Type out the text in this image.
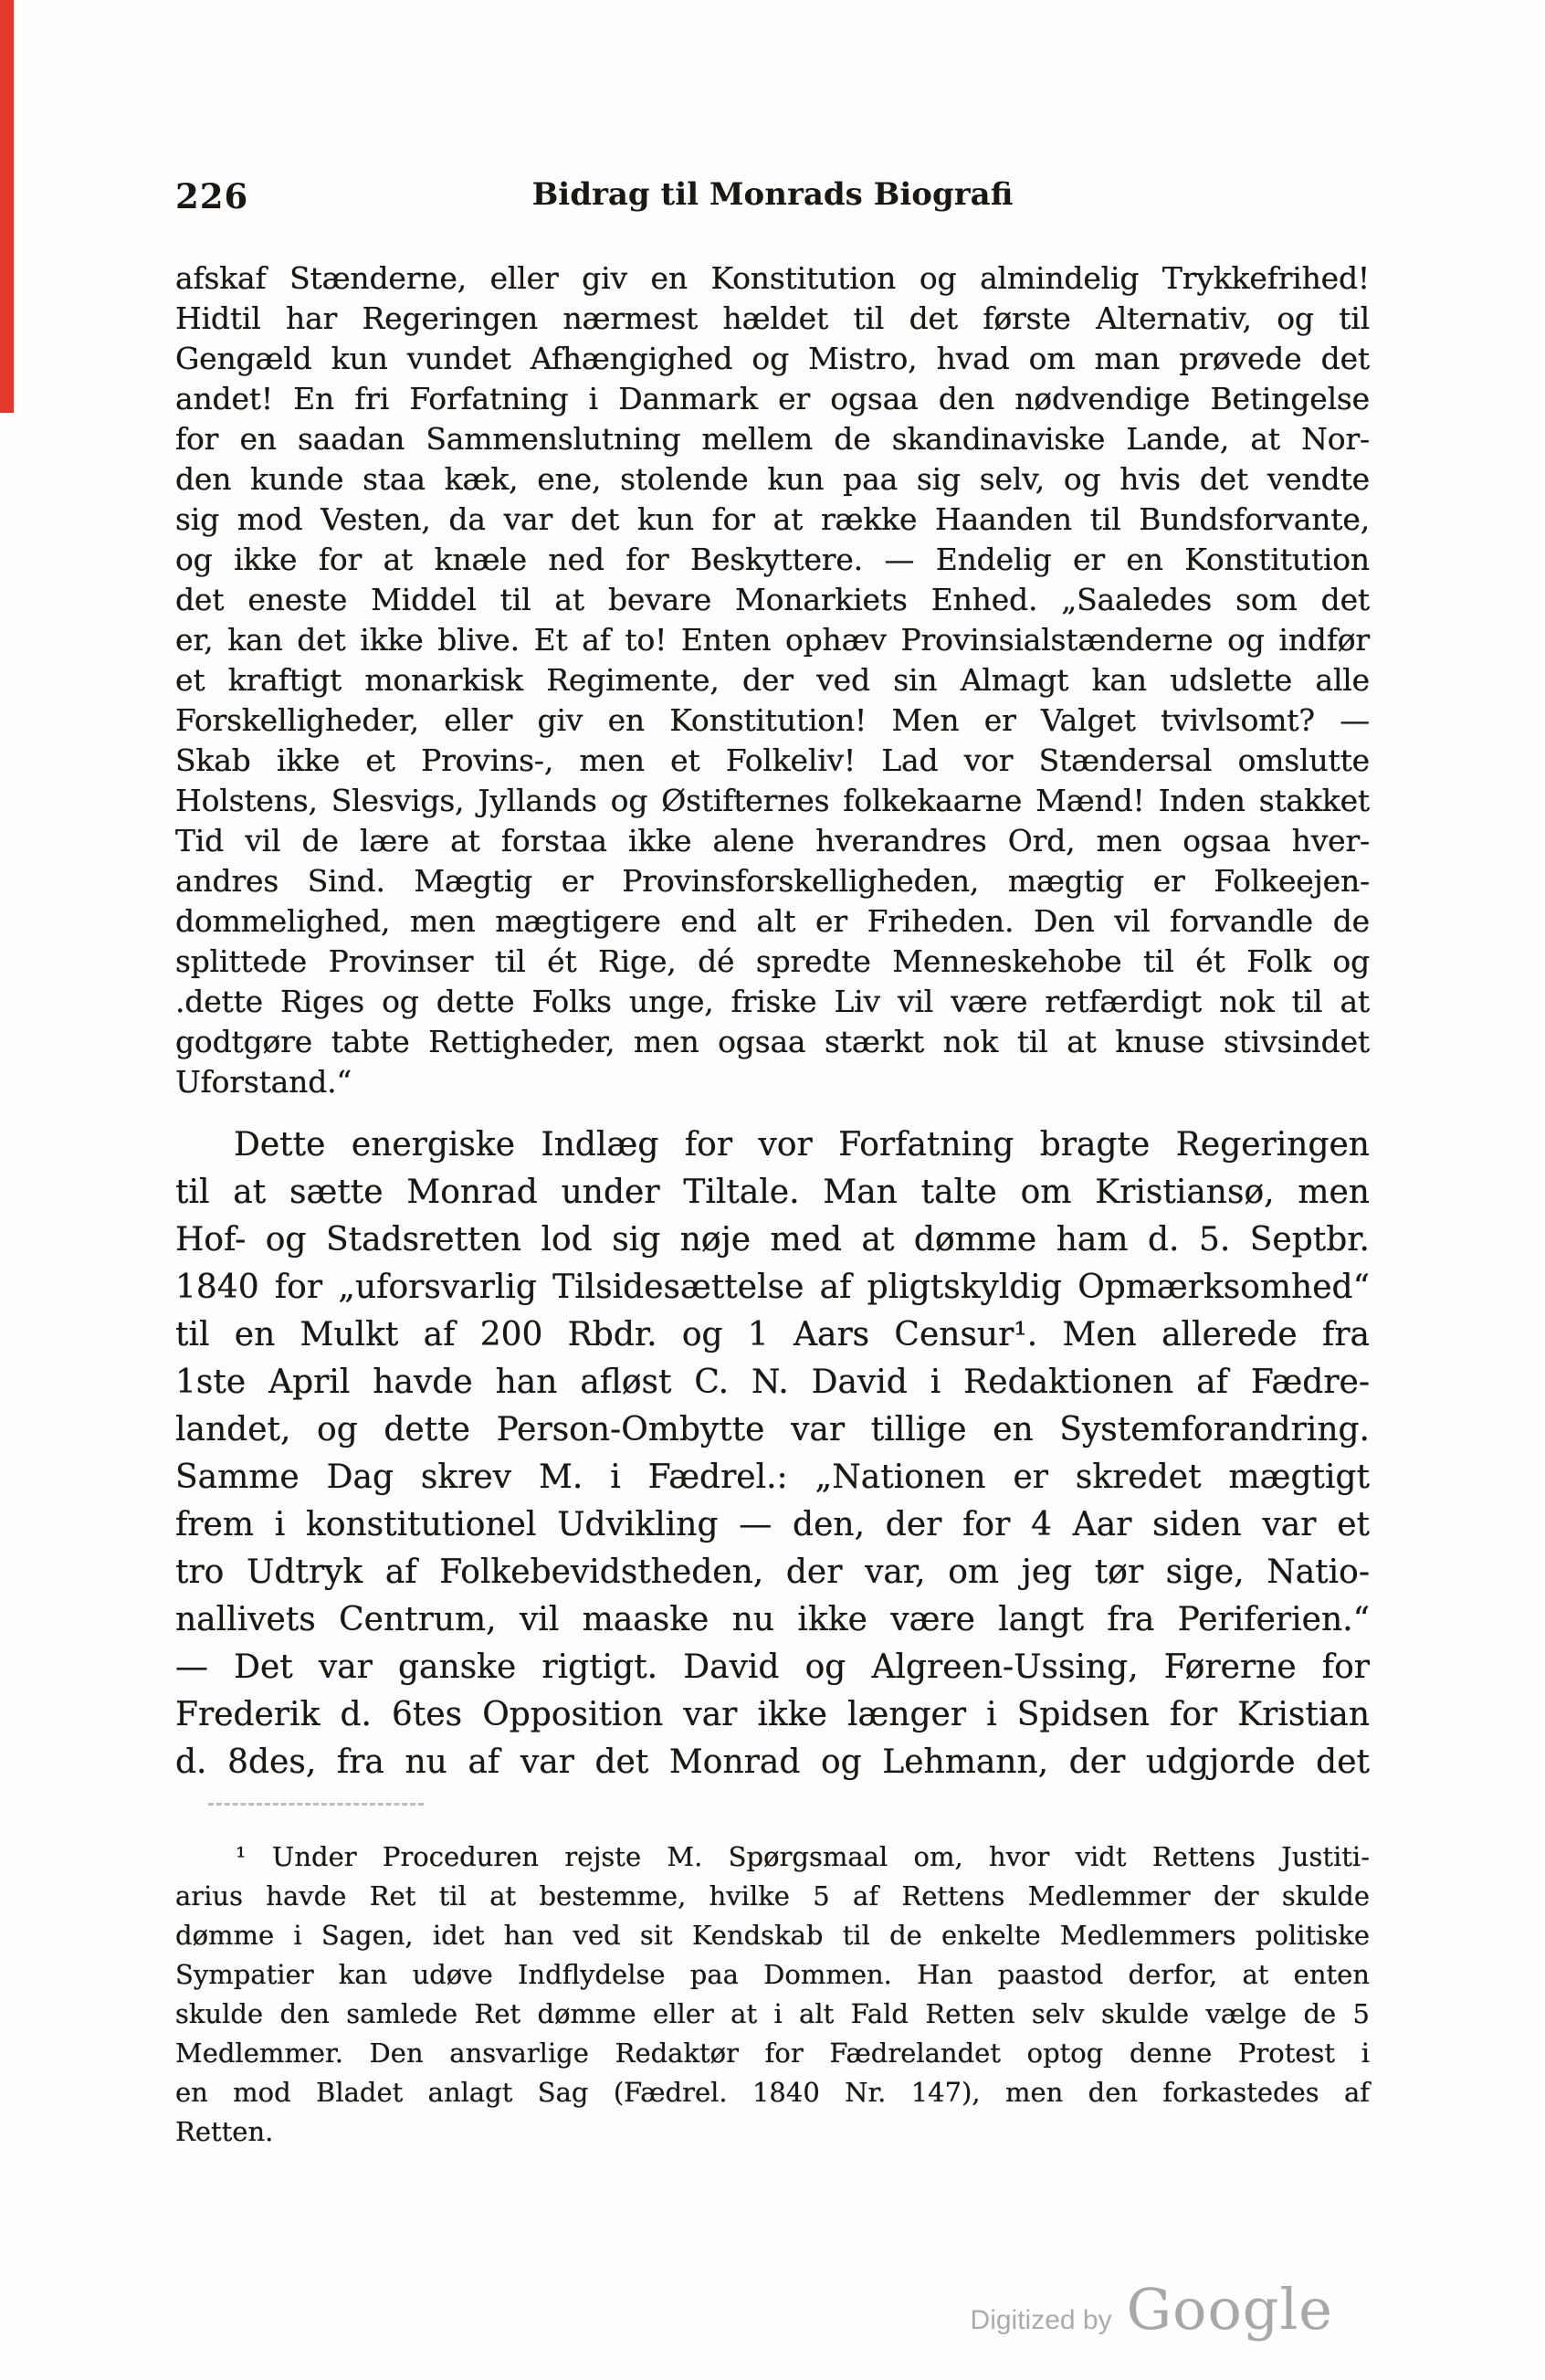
226	Bidrag til Monrads Biografi
afskaf Stænderne, eller giv en Konstitution og almindelig Trykkefrihed!
Hidtil har Regeringen nærmest hældet til det første Alternativ, og til
Gengæld kun vundet Afhængighed og Mistro, hvad om man prøvede det
andet! En fri Forfatning i Danmark er ogsaa den nødvendige Betingelse
for en saadan Sammenslutning mellem de skandinaviske Lande, at Nor-
den kunde staa kæk, ene, stolende kun paa sig selv, og hvis det vendte
sig mod Vesten, da var det kun for at række Haanden til Bundsforvante,
og ikke for at knæle ned for Beskyttere. — Endelig er en Konstitution
det eneste Middel til at bevare Monarkiets Enhed. „Saaledes som det
er, kan det ikke blive. Et af to! Enten ophæv Provinsialstænderne og indfør
et kraftigt monarkisk Regimente, der ved sin Almagt kan udslette alle
Forskelligheder, eller giv en Konstitution! Men er Valget tvivlsomt? —
Skab ikke et Provins-, men et Folkeliv! Lad vor Stændersal omslutte
Holstens, Slesvigs, Jyllands og Østifternes folkekaarne Mænd! Inden stakket
Tid vil de lære at forstaa ikke alene hverandres Ord, men ogsaa hver-
andres Sind. Mægtig er Provinsforskelligheden, mægtig er Folkeejen-
dommelighed, men mægtigere end alt er Friheden. Den vil forvandle de
splittede Provinser til ét Rige, dé spredte Menneskehobe til ét Folk og
.dette Riges og dette Folks unge, friske Liv vil være retfærdigt nok til at
godtgøre tabte Rettigheder, men ogsaa stærkt nok til at knuse stivsindet
Uforstand.“
Dette energiske Indlæg for vor Forfatning bragte Regeringen
til at sætte Monrad under Tiltale. Man talte om Kristiansø, men
Hof- og Stadsretten lod sig nøje med at dømme ham d. 5. Septbr.
1840 for „uforsvarlig Tilsidesættelse af pligtskyldig Opmærksomhed“
til en Mulkt af 200 Rbdr. og 1 Aars Censur¹. Men allerede fra
1ste April havde han afløst C. N. David i Redaktionen af Fædre-
landet, og dette Person-Ombytte var tillige en Systemforandring.
Samme Dag skrev M. i Fædrel.: „Nationen er skredet mægtigt
frem i konstitutionel Udvikling — den, der for 4 Aar siden var et
tro Udtryk af Folkebevidstheden, der var, om jeg tør sige, Natio-
nallivets Centrum, vil maaske nu ikke være langt fra Periferien.“
— Det var ganske rigtigt. David og Algreen-Ussing, Førerne for
Frederik d. 6tes Opposition var ikke længer i Spidsen for Kristian
d. 8des, fra nu af var det Monrad og Lehmann, der udgjorde det
¹ Under Proceduren rejste M. Spørgsmaal om, hvor vidt Rettens Justiti-
arius havde Ret til at bestemme, hvilke 5 af Rettens Medlemmer der skulde
dømme i Sagen, idet han ved sit Kendskab til de enkelte Medlemmers politiske
Sympatier kan udøve Indflydelse paa Dommen. Han paastod derfor, at enten
skulde den samlede Ret dømme eller at i alt Fald Retten selv skulde vælge de 5
Medlemmer. Den ansvarlige Redaktør for Fædrelandet optog denne Protest i
en mod Bladet anlagt Sag (Fædrel. 1840 Nr. 147), men den forkastedes af
Retten.
Digitized by Google
